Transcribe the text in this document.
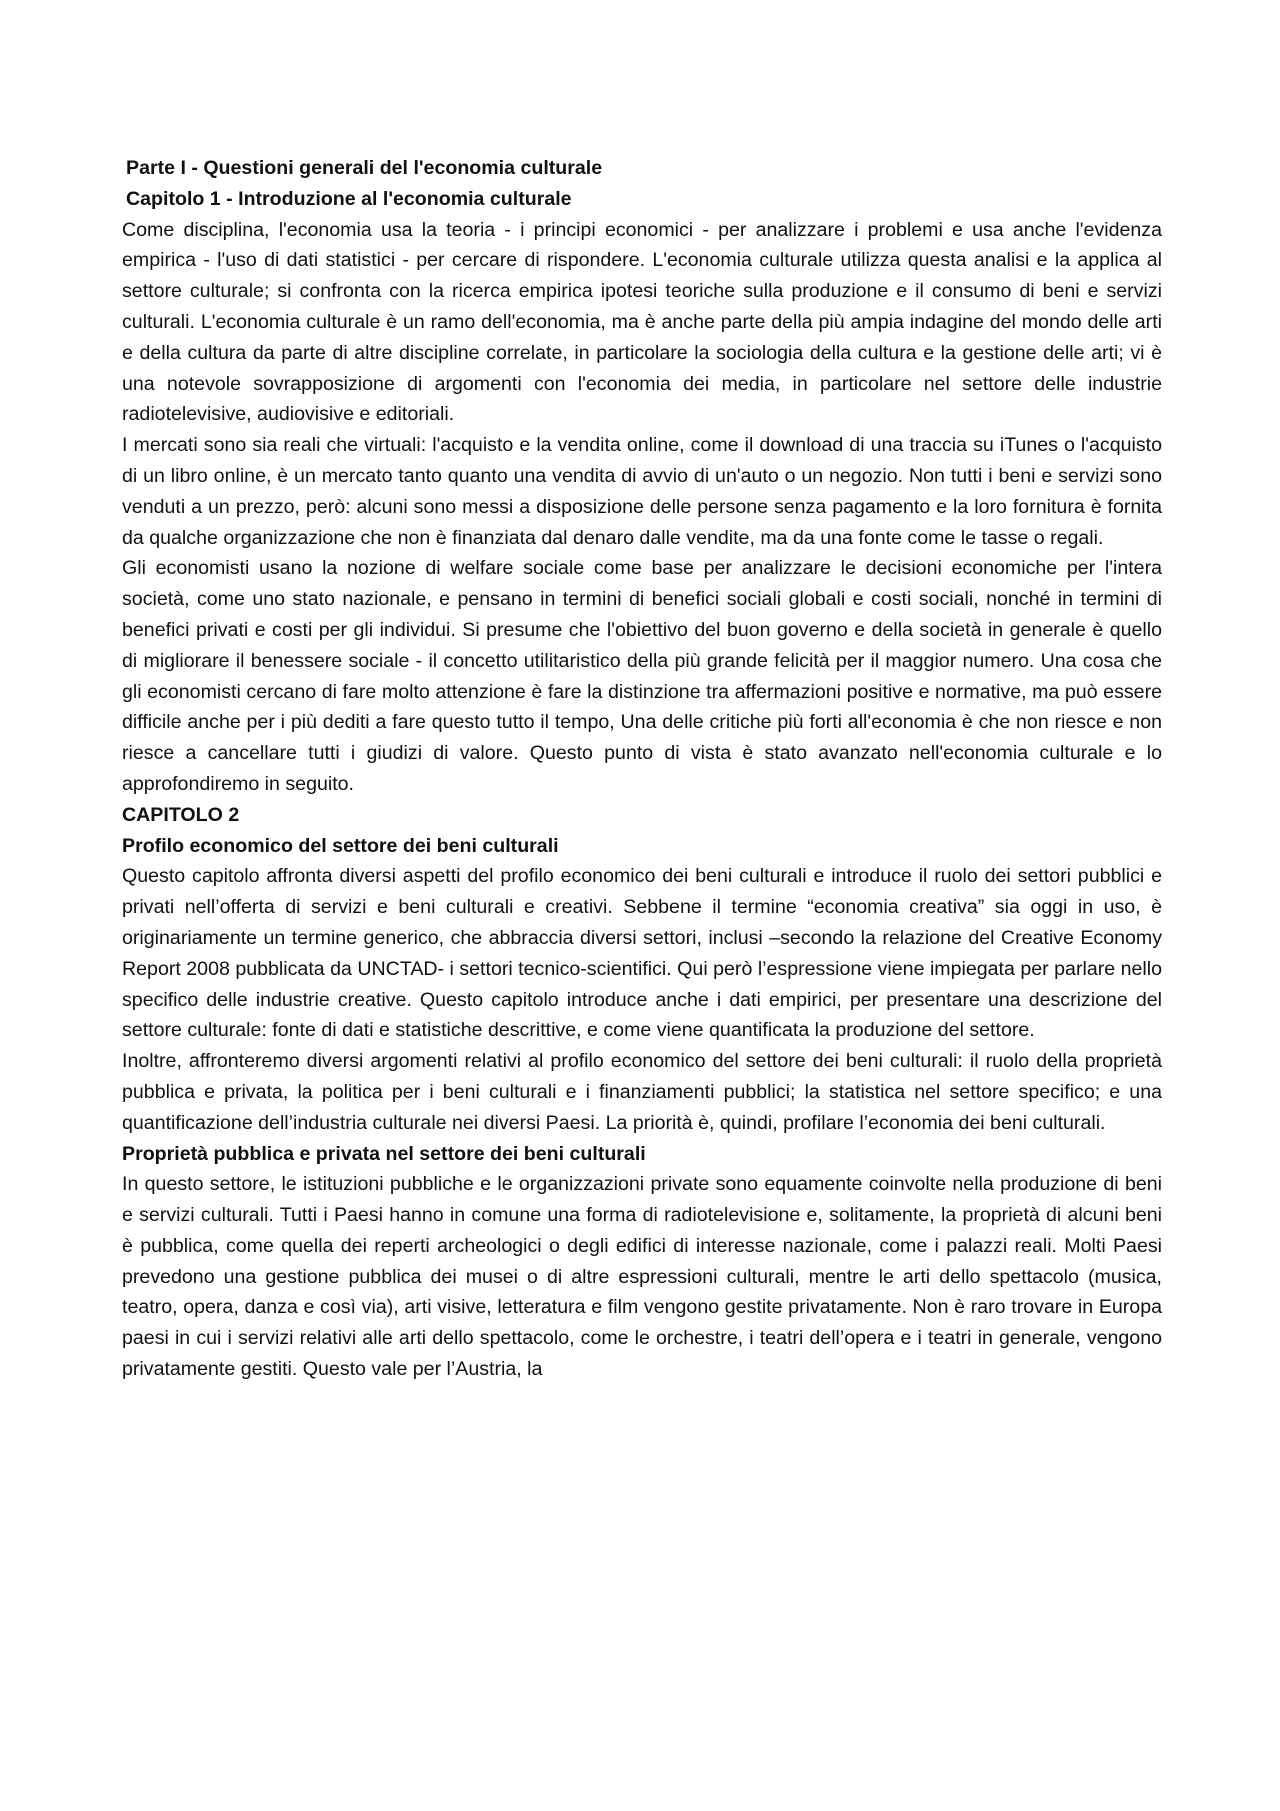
Parte I - Questioni generali del l'economia culturale

Capitolo 1 - Introduzione al l'economia culturale

Come disciplina, l'economia usa la teoria - i principi economici - per analizzare i problemi e usa anche l'evidenza empirica - l'uso di dati statistici - per cercare di rispondere. L'economia culturale utilizza questa analisi e la applica al settore culturale; si confronta con la ricerca empirica ipotesi teoriche sulla produzione e il consumo di beni e servizi culturali. L'economia culturale è un ramo dell'economia, ma è anche parte della più ampia indagine del mondo delle arti e della cultura da parte di altre discipline correlate, in particolare la sociologia della cultura e la gestione delle arti; vi è una notevole sovrapposizione di argomenti con l'economia dei media, in particolare nel settore delle industrie radiotelevisive, audiovisive e editoriali.

I mercati sono sia reali che virtuali: l'acquisto e la vendita online, come il download di una traccia su iTunes o l'acquisto di un libro online, è un mercato tanto quanto una vendita di avvio di un'auto o un negozio. Non tutti i beni e servizi sono venduti a un prezzo, però: alcuni sono messi a disposizione delle persone senza pagamento e la loro fornitura è fornita da qualche organizzazione che non è finanziata dal denaro dalle vendite, ma da una fonte come le tasse o regali.

Gli economisti usano la nozione di welfare sociale come base per analizzare le decisioni economiche per l'intera società, come uno stato nazionale, e pensano in termini di benefici sociali globali e costi sociali, nonché in termini di benefici privati e costi per gli individui. Si presume che l'obiettivo del buon governo e della società in generale è quello di migliorare il benessere sociale - il concetto utilitaristico della più grande felicità per il maggior numero. Una cosa che gli economisti cercano di fare molto attenzione è fare la distinzione tra affermazioni positive e normative, ma può essere difficile anche per i più dediti a fare questo tutto il tempo, Una delle critiche più forti all'economia è che non riesce e non riesce a cancellare tutti i giudizi di valore. Questo punto di vista è stato avanzato nell'economia culturale e lo approfondiremo in seguito.

CAPITOLO 2

Profilo economico del settore dei beni culturali

Questo capitolo affronta diversi aspetti del profilo economico dei beni culturali e introduce il ruolo dei settori pubblici e privati nell’offerta di servizi e beni culturali e creativi. Sebbene il termine “economia creativa” sia oggi in uso, è originariamente un termine generico, che abbraccia diversi settori, inclusi –secondo la relazione del Creative Economy Report 2008 pubblicata da UNCTAD- i settori tecnico-scientifici. Qui però l’espressione viene impiegata per parlare nello specifico delle industrie creative. Questo capitolo introduce anche i dati empirici, per presentare una descrizione del settore culturale: fonte di dati e statistiche descrittive, e come viene quantificata la produzione del settore.

Inoltre, affronteremo diversi argomenti relativi al profilo economico del settore dei beni culturali: il ruolo della proprietà pubblica e privata, la politica per i beni culturali e i finanziamenti pubblici; la statistica nel settore specifico; e una quantificazione dell’industria culturale nei diversi Paesi. La priorità è, quindi, profilare l’economia dei beni culturali.

Proprietà pubblica e privata nel settore dei beni culturali

In questo settore, le istituzioni pubbliche e le organizzazioni private sono equamente coinvolte nella produzione di beni e servizi culturali. Tutti i Paesi hanno in comune una forma di radiotelevisione e, solitamente, la proprietà di alcuni beni è pubblica, come quella dei reperti archeologici o degli edifici di interesse nazionale, come i palazzi reali. Molti Paesi prevedono una gestione pubblica dei musei o di altre espressioni culturali, mentre le arti dello spettacolo (musica, teatro, opera, danza e così via), arti visive, letteratura e film vengono gestite privatamente. Non è raro trovare in Europa paesi in cui i servizi relativi alle arti dello spettacolo, come le orchestre, i teatri dell’opera e i teatri in generale, vengono privatamente gestiti. Questo vale per l’Austria, la
